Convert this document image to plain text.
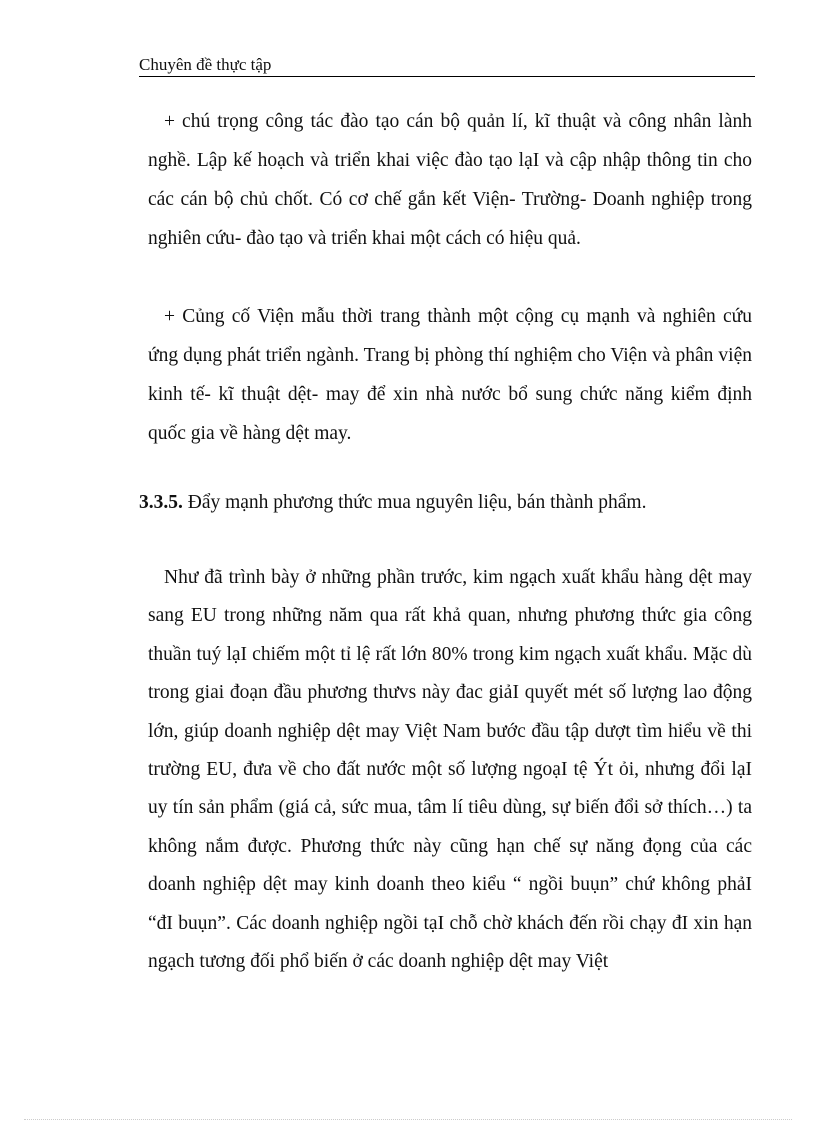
Chuyên đề thực tập

+ chú trọng công tác đào tạo cán bộ quản lí, kĩ thuật và công nhân lành nghề. Lập kế hoạch và triển khai việc đào tạo lạI và cập nhập thông tin cho các cán bộ chủ chốt. Có cơ chế gắn kết Viện- Trường- Doanh nghiệp trong nghiên cứu- đào tạo và triển khai một cách có hiệu quả.

+ Củng cố Viện mẫu thời trang thành một cộng cụ mạnh và nghiên cứu ứng dụng phát triển ngành. Trang bị phòng thí nghiệm cho Viện và phân viện kinh tế- kĩ thuật dệt- may để xin nhà nước bổ sung chức năng kiểm định quốc gia về hàng dệt may.

3.3.5. Đẩy mạnh phương thức mua nguyên liệu, bán thành phẩm.

Như đã trình bày ở những phần trước, kim ngạch xuất khẩu hàng dệt may sang EU trong những năm qua rất khả quan, nhưng phương thức gia công thuần tuý lạI chiếm một tỉ lệ rất lớn 80% trong kim ngạch xuất khẩu. Mặc dù trong giai đoạn đầu phương thưvs này đac giảI quyết mét số lượng lao động lớn, giúp doanh nghiệp dệt may Việt Nam bước đầu tập dượt tìm hiểu về thi trường EU, đưa về cho đất nước một số lượng ngoạI tệ Ýt ỏi, nhưng đổi lạI uy tín sản phẩm (giá cả, sức mua, tâm lí tiêu dùng, sự biến đổi sở thích…) ta không nắm được. Phương thức này cũng hạn chế sự năng đọng của các doanh nghiệp dệt may kinh doanh theo kiểu “ ngồi buụn” chứ không phảI “đI buụn”. Các doanh nghiệp ngồi tạI chỗ chờ khách đến rồi chạy đI xin hạn ngạch tương đối phổ biến ở các doanh nghiệp dệt may Việt
